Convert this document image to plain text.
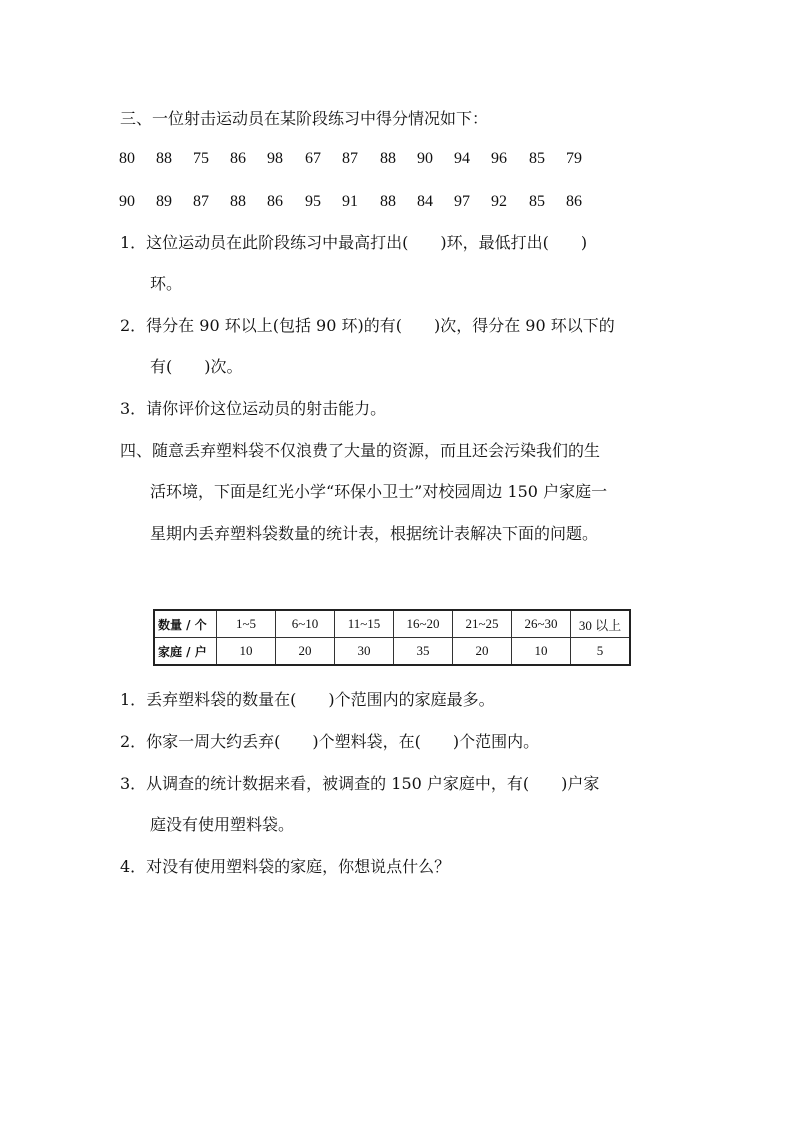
三、一位射击运动员在某阶段练习中得分情况如下：
80 88 75 86 98 67 87 88 90 94 96 85 79
90 89 87 88 86 95 91 88 84 97 92 85 86
1．这位运动员在此阶段练习中最高打出(　　)环，最低打出(　　)
环。
2．得分在 90 环以上(包括 90 环)的有(　　)次，得分在 90 环以下的
有(　　)次。
3．请你评价这位运动员的射击能力。
四、随意丢弃塑料袋不仅浪费了大量的资源，而且还会污染我们的生
活环境，下面是红光小学“环保小卫士”对校园周边 150 户家庭一
星期内丢弃塑料袋数量的统计表，根据统计表解决下面的问题。
数量 / 个	1~5	6~10	11~15	16~20	21~25	26~30	30 以上
家庭 / 户	10	20	30	35	20	10	5
1．丢弃塑料袋的数量在(　　)个范围内的家庭最多。
2．你家一周大约丢弃(　　)个塑料袋，在(　　)个范围内。
3．从调查的统计数据来看，被调查的 150 户家庭中，有(　　)户家
庭没有使用塑料袋。
4．对没有使用塑料袋的家庭，你想说点什么？
